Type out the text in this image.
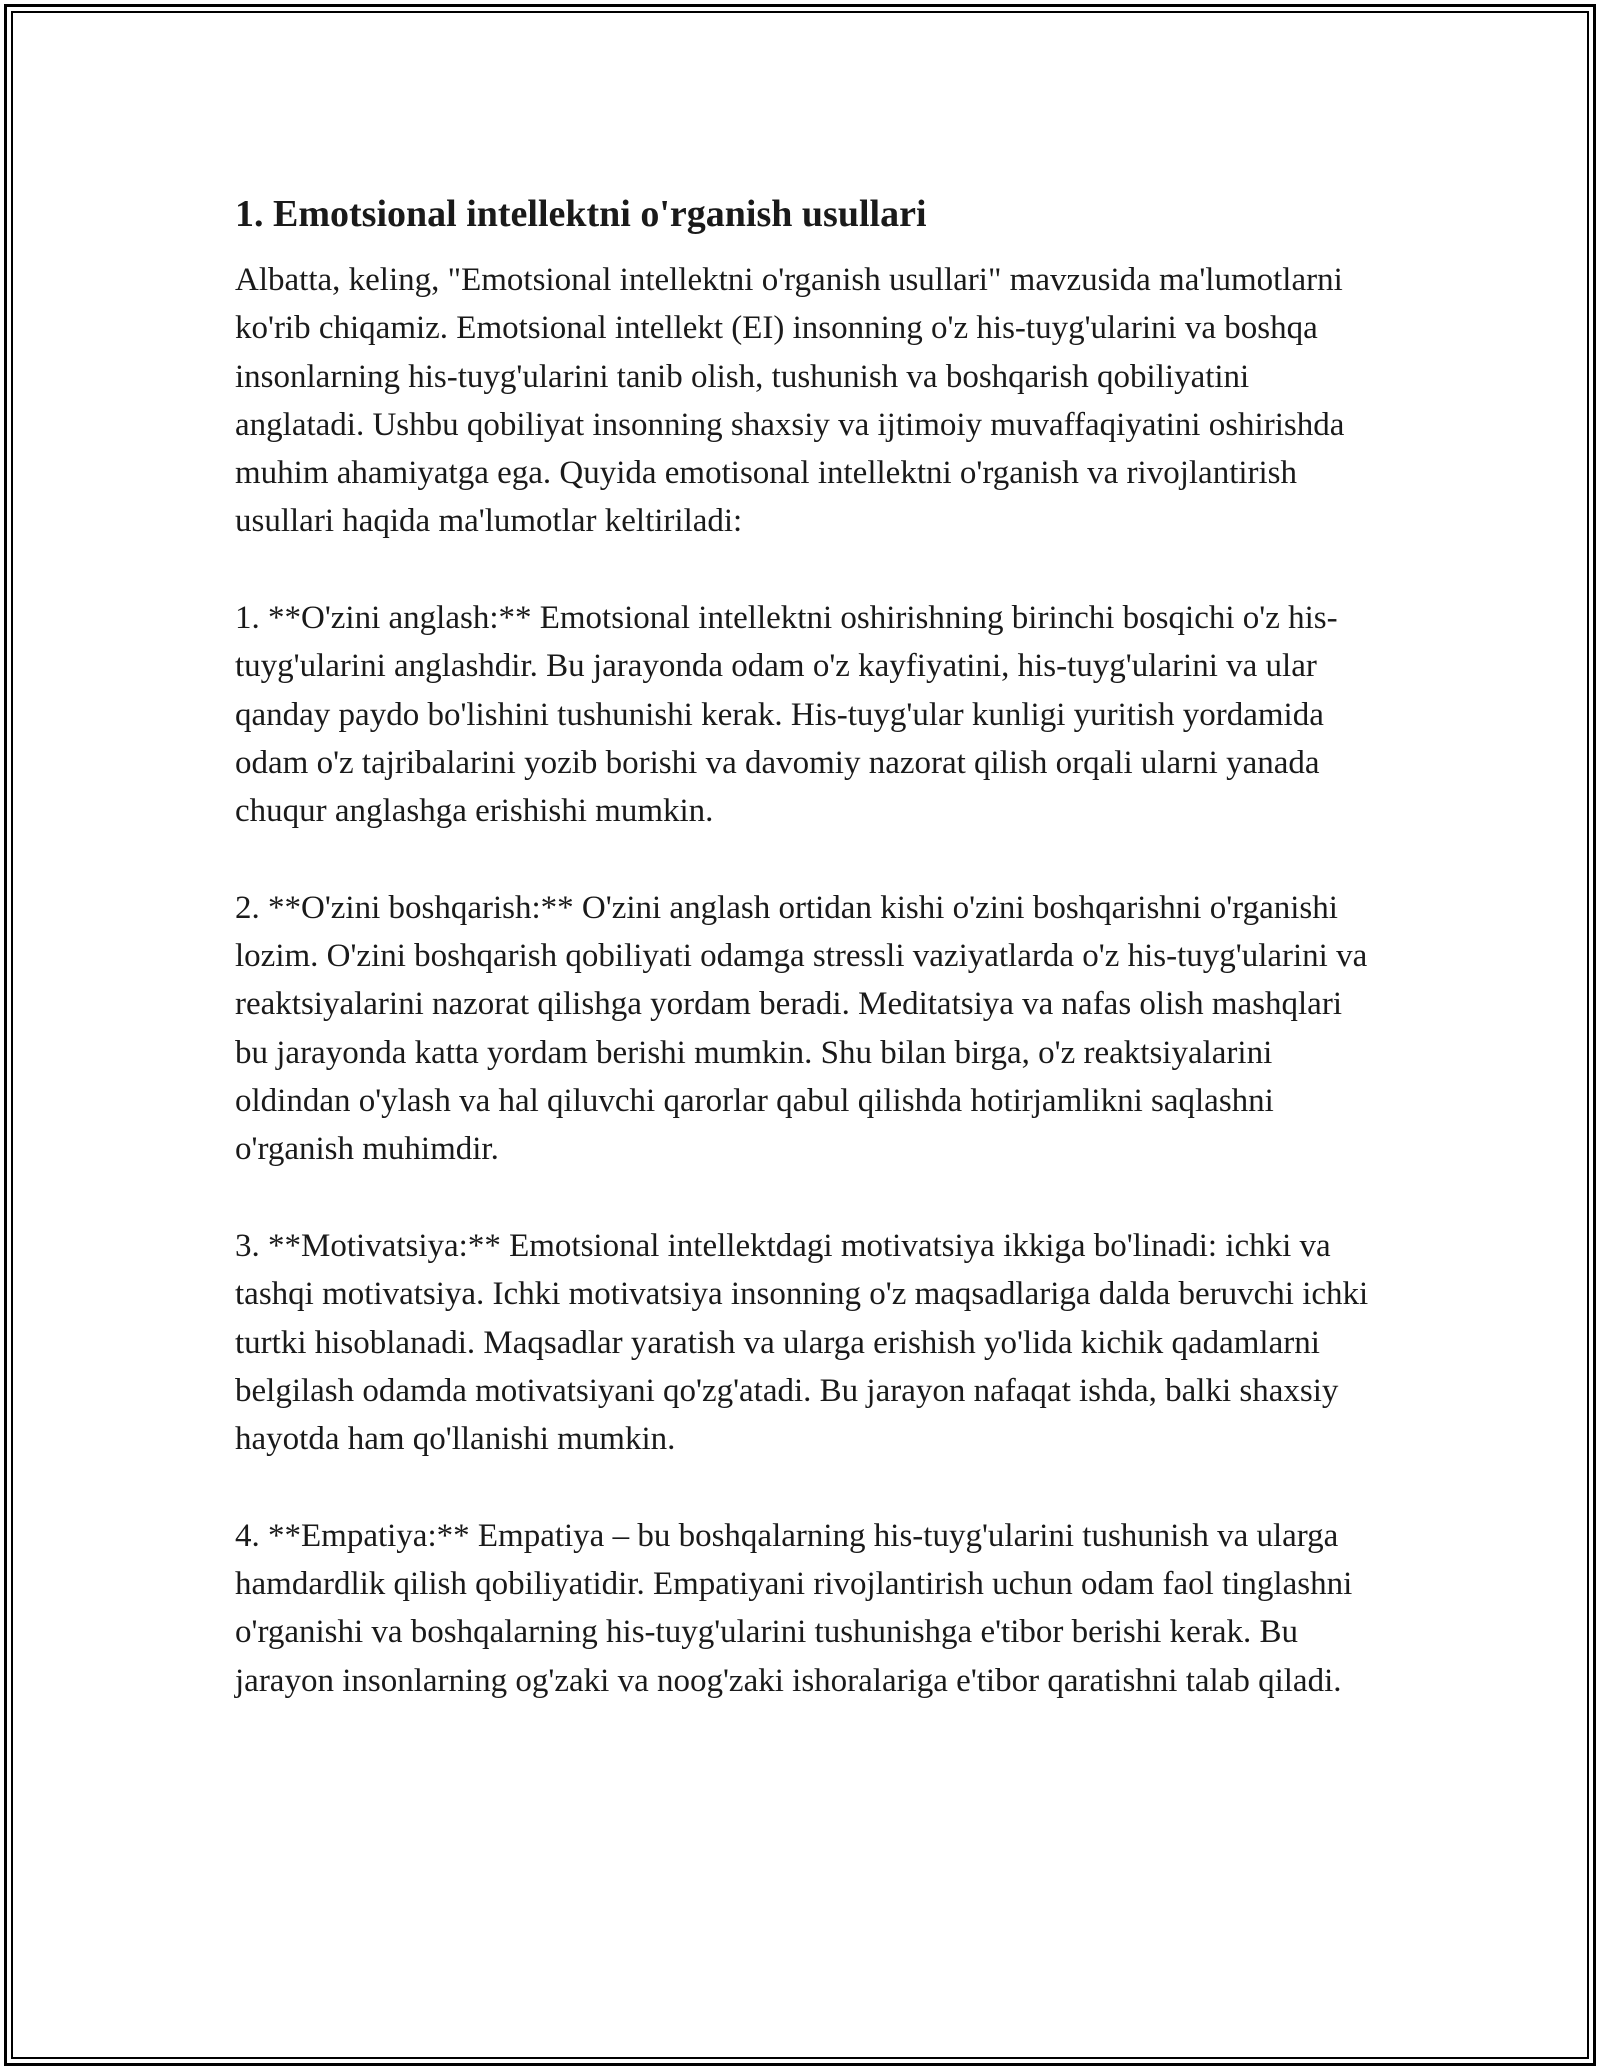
1. Emotsional intellektni o'rganish usullari

Albatta, keling, "Emotsional intellektni o'rganish usullari" mavzusida ma'lumotlarni ko'rib chiqamiz. Emotsional intellekt (EI) insonning o'z his-tuyg'ularini va boshqa insonlarning his-tuyg'ularini tanib olish, tushunish va boshqarish qobiliyatini anglatadi. Ushbu qobiliyat insonning shaxsiy va ijtimoiy muvaffaqiyatini oshirishda muhim ahamiyatga ega. Quyida emotisonal intellektni o'rganish va rivojlantirish usullari haqida ma'lumotlar keltiriladi:

1. **O'zini anglash:** Emotsional intellektni oshirishning birinchi bosqichi o'z his-tuyg'ularini anglashdir. Bu jarayonda odam o'z kayfiyatini, his-tuyg'ularini va ular qanday paydo bo'lishini tushunishi kerak. His-tuyg'ular kunligi yuritish yordamida odam o'z tajribalarini yozib borishi va davomiy nazorat qilish orqali ularni yanada chuqur anglashga erishishi mumkin.

2. **O'zini boshqarish:** O'zini anglash ortidan kishi o'zini boshqarishni o'rganishi lozim. O'zini boshqarish qobiliyati odamga stressli vaziyatlarda o'z his-tuyg'ularini va reaktsiyalarini nazorat qilishga yordam beradi. Meditatsiya va nafas olish mashqlari bu jarayonda katta yordam berishi mumkin. Shu bilan birga, o'z reaktsiyalarini oldindan o'ylash va hal qiluvchi qarorlar qabul qilishda hotirjamlikni saqlashni o'rganish muhimdir.

3. **Motivatsiya:** Emotsional intellektdagi motivatsiya ikkiga bo'linadi: ichki va tashqi motivatsiya. Ichki motivatsiya insonning o'z maqsadlariga dalda beruvchi ichki turtki hisoblanadi. Maqsadlar yaratish va ularga erishish yo'lida kichik qadamlarni belgilash odamda motivatsiyani qo'zg'atadi. Bu jarayon nafaqat ishda, balki shaxsiy hayotda ham qo'llanishi mumkin.

4. **Empatiya:** Empatiya – bu boshqalarning his-tuyg'ularini tushunish va ularga hamdardlik qilish qobiliyatidir. Empatiyani rivojlantirish uchun odam faol tinglashni o'rganishi va boshqalarning his-tuyg'ularini tushunishga e'tibor berishi kerak. Bu jarayon insonlarning og'zaki va noog'zaki ishoralariga e'tibor qaratishni talab qiladi.
